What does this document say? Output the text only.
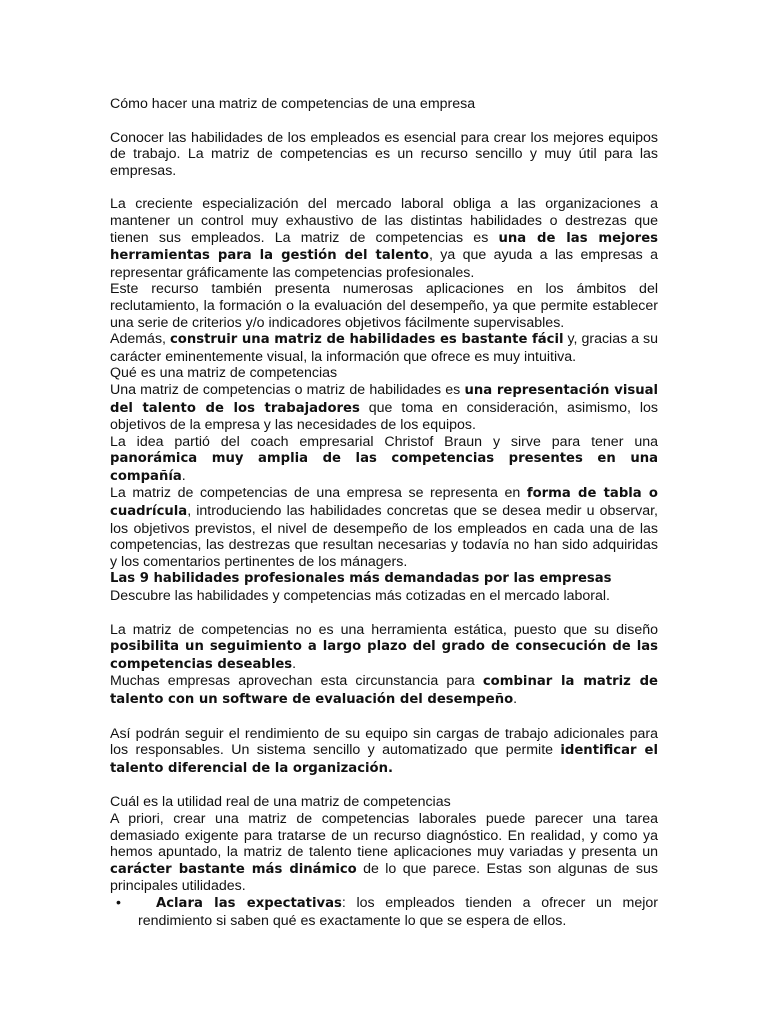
Cómo hacer una matriz de competencias de una empresa

Conocer las habilidades de los empleados es esencial para crear los mejores equipos de trabajo. La matriz de competencias es un recurso sencillo y muy útil para las empresas.

La creciente especialización del mercado laboral obliga a las organizaciones a mantener un control muy exhaustivo de las distintas habilidades o destrezas que tienen sus empleados. La matriz de competencias es una de las mejores herramientas para la gestión del talento, ya que ayuda a las empresas a representar gráficamente las competencias profesionales.

Este recurso también presenta numerosas aplicaciones en los ámbitos del reclutamiento, la formación o la evaluación del desempeño, ya que permite establecer una serie de criterios y/o indicadores objetivos fácilmente supervisables.

Además, construir una matriz de habilidades es bastante fácil y, gracias a su carácter eminentemente visual, la información que ofrece es muy intuitiva.

Qué es una matriz de competencias

Una matriz de competencias o matriz de habilidades es una representación visual del talento de los trabajadores que toma en consideración, asimismo, los objetivos de la empresa y las necesidades de los equipos.

La idea partió del coach empresarial Christof Braun y sirve para tener una panorámica muy amplia de las competencias presentes en una compañía.

La matriz de competencias de una empresa se representa en forma de tabla o cuadrícula, introduciendo las habilidades concretas que se desea medir u observar, los objetivos previstos, el nivel de desempeño de los empleados en cada una de las competencias, las destrezas que resultan necesarias y todavía no han sido adquiridas y los comentarios pertinentes de los mánagers.

Las 9 habilidades profesionales más demandadas por las empresas

Descubre las habilidades y competencias más cotizadas en el mercado laboral.

La matriz de competencias no es una herramienta estática, puesto que su diseño posibilita un seguimiento a largo plazo del grado de consecución de las competencias deseables.

Muchas empresas aprovechan esta circunstancia para combinar la matriz de talento con un software de evaluación del desempeño.

Así podrán seguir el rendimiento de su equipo sin cargas de trabajo adicionales para los responsables. Un sistema sencillo y automatizado que permite identificar el talento diferencial de la organización.

Cuál es la utilidad real de una matriz de competencias

A priori, crear una matriz de competencias laborales puede parecer una tarea demasiado exigente para tratarse de un recurso diagnóstico. En realidad, y como ya hemos apuntado, la matriz de talento tiene aplicaciones muy variadas y presenta un carácter bastante más dinámico de lo que parece. Estas son algunas de sus principales utilidades.

•	Aclara las expectativas: los empleados tienden a ofrecer un mejor rendimiento si saben qué es exactamente lo que se espera de ellos.
